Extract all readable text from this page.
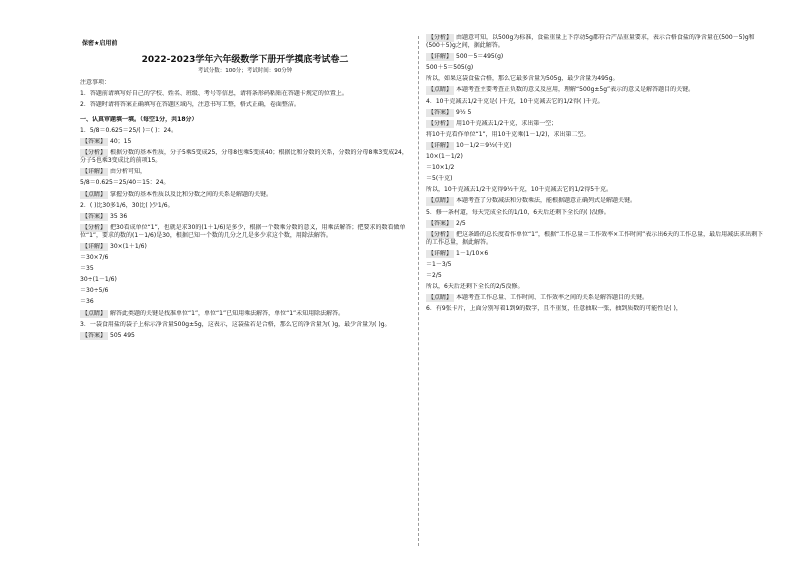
保密★启用前
2022-2023学年六年级数学下册开学摸底考试卷二
考试分数：100分；考试时间：90分钟
注意事项：
1．答题前请填写好自己的学校、姓名、班级、考号等信息，请将条形码粘贴在答题卡规定的位置上。
2．答题时请将答案正确填写在答题区域内，注意书写工整，格式正确，卷面整洁。
一、认真审题填一填。（每空1分，共18分）
1．5/8＝0.625＝25/( )＝( )：24。
【答案】 40；15
【分析】 根据分数的基本性质，分子5乘5变成25，分母8也乘5变成40；根据比和分数的关系，分数的分母8乘3变成24，分子5也乘3变成比的前项15。
【详解】 由分析可知，
5/8＝0.625＝25/40＝15：24。
【点睛】 掌握分数的基本性质以及比和分数之间的关系是解题的关键。
2．( )比30多1/6，30比( )少1/6。
【答案】 35 36
【分析】 把30看成单位“1”，也就是求30的(1＋1/6)是多少，根据一个数乘分数的意义，用乘法解答；把要求的数看做单位“1”，要求的数的(1－1/6)是30，根据已知一个数的几分之几是多少求这个数，用除法解答。
【详解】 30×(1＋1/6)
＝30×7/6
＝35
30÷(1－1/6)
＝30÷5/6
＝36
【点睛】 解答此类题的关键是找准单位“1”，单位“1”已知用乘法解答，单位“1”未知用除法解答。
3．一袋食用盐的袋子上标示净含量500g±5g，这表示，这袋盐若是合格，那么它的净含量为( )g，最少含量为( )g。
【答案】 505 495
【分析】 由题意可知，以500g为标准，食盐重量上下浮动5g都符合产品重量要求，表示合格食盐的净含量在(500－5)g和(500＋5)g之间，据此解答。
【详解】 500－5＝495(g)
500＋5＝505(g)
所以，如果这袋食盐合格，那么它最多含量为505g，最少含量为495g。
【点睛】 本题考查主要考查正负数的意义及应用，理解“500g±5g”表示的意义是解答题目的关键。
4．10千克减去1/2千克是( )千克，10千克减去它的1/2得( )千克。
【答案】 9½ 5
【分析】 用10千克减去1/2千克，求出第一空；
将10千克看作单位“1”，用10千克乘(1－1/2)，求出第二空。
【详解】 10－1/2＝9½(千克)
10×(1－1/2)
＝10×1/2
＝5(千克)
所以，10千克减去1/2千克得9½千克，10千克减去它的1/2得5千克。
【点睛】 本题考查了分数减法和分数乘法，能根据题意正确列式是解题关键。
5．修一条村道，每天完成全长的1/10，6天后还剩下全长的( )没修。
【答案】 2/5
【分析】 把这条路的总长度看作单位“1”，根据“工作总量＝工作效率×工作时间”表示出6天的工作总量，最后用减法求出剩下的工作总量，据此解答。
【详解】 1－1/10×6
＝1－3/5
＝2/5
所以，6天后还剩下全长的2/5没修。
【点睛】 本题考查工作总量、工作时间、工作效率之间的关系是解答题目的关键。
6．有9张卡片，上面分别写着1到9的数字，且不重复，任意抽取一张，抽到质数的可能性是( )，
